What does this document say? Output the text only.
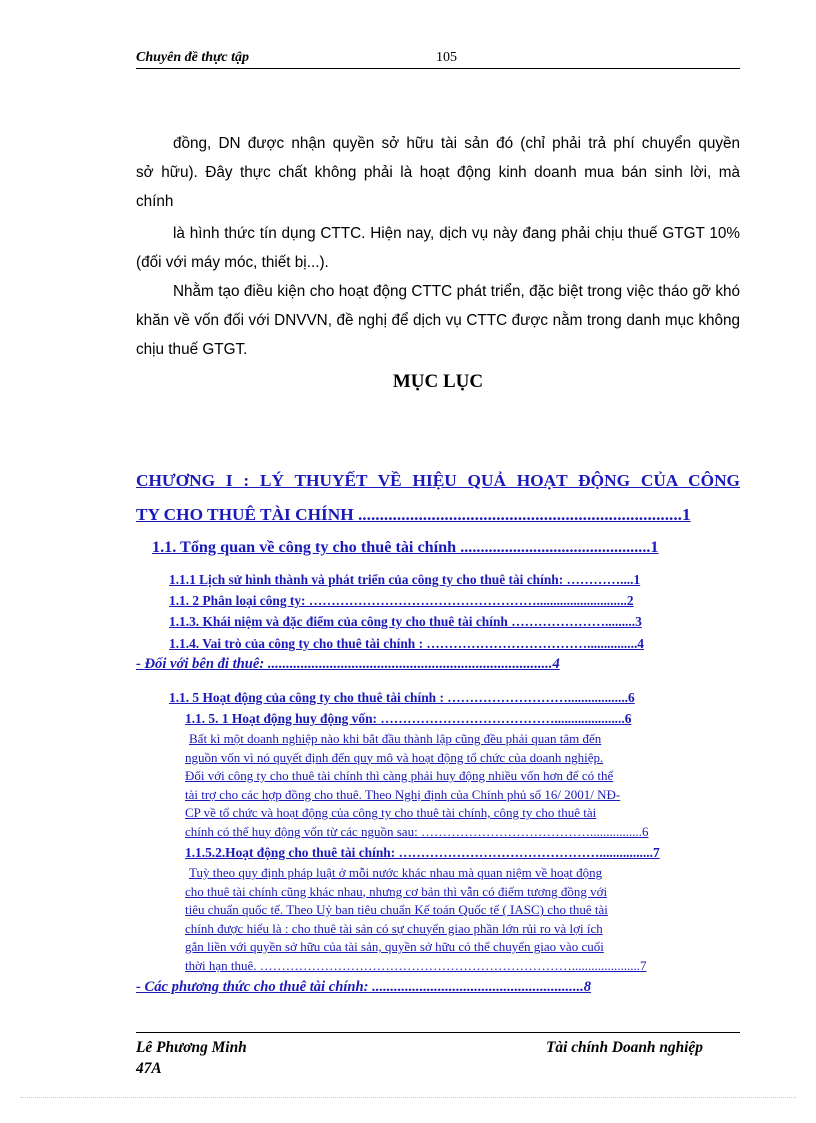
Chuyên đề thực tập	105

đồng, DN được nhận quyền sở hữu tài sản đó (chỉ phải trả phí chuyển quyền

sở hữu). Đây thực chất không phải là hoạt động kinh doanh mua bán sinh lời, mà

chính

là hình thức tín dụng CTTC. Hiện nay, dịch vụ này đang phải chịu thuế GTGT 10% (đối với máy móc, thiết bị...).

Nhằm tạo điều kiện cho hoạt động CTTC phát triển, đặc biệt trong việc tháo gỡ khó khăn về vốn đối với DNVVN, đề nghị để dịch vụ CTTC được nằm trong danh mục không chịu thuế GTGT.

MỤC LỤC
CHƯƠNG I : LÝ THUYẾT VỀ HIỆU QUẢ HOẠT ĐỘNG CỦA CÔNG
TY CHO THUÊ TÀI CHÍNH ...........................................................................1
1.1. Tổng quan về công ty cho thuê tài chính ...............................................1
1.1.1 Lịch sử hình thành và phát triển của công ty cho thuê tài chính: …………....1
1.1. 2 Phân loại công ty: ……………………………………………...........................2
1.1.3. Khái niệm và đặc điểm của công ty cho thuê tài chính ………………….........3
1.1.4. Vai trò của công ty cho thuê tài chính : ………………………………...............4
- Đối với bên đi thuê: ..............................................................................4
1.1. 5 Hoạt động của công ty cho thuê tài chính : ………………………..................6
1.1. 5. 1 Hoạt động huy động vốn: ………………………………….....................6
Bất kì một doanh nghiệp nào khi bắt đầu thành lập cũng đều phải quan tâm đến
nguồn vốn vì nó quyết định đến quy mô và hoạt động tổ chức của doanh nghiệp.
Đối với công ty cho thuê tài chính thì càng phải huy động nhiều vốn hơn để có thể
tài trợ cho các hợp đồng cho thuê. Theo Nghị định của Chính phủ số 16/ 2001/ NĐ-
CP về tổ chức và hoạt động của công ty cho thuê tài chính, công ty cho thuê tài
chính có thể huy động vốn từ các nguồn sau: …………………………………................6
1.1.5.2.Hoạt động cho thuê tài chính: ………………………………………................7
Tuỳ theo quy định pháp luật ở mỗi nước khác nhau mà quan niệm về hoạt động
cho thuê tài chính cũng khác nhau, nhưng cơ bản thì vẫn có điểm tương đồng với
tiêu chuẩn quốc tế. Theo Uỷ ban tiêu chuẩn Kế toán Quốc tế ( IASC) cho thuê tài
chính được hiểu là : cho thuê tài sản có sự chuyển giao phần lớn rủi ro và lợi ích
gắn liền với quyền sở hữu của tài sản, quyền sở hữu có thể chuyển giao vào cuối
thời hạn thuê. ……………………………………………………………….....................7
- Các phương thức cho thuê tài chính: ..........................................................8
Lê Phương Minh
47A
Tài chính Doanh nghiệp
